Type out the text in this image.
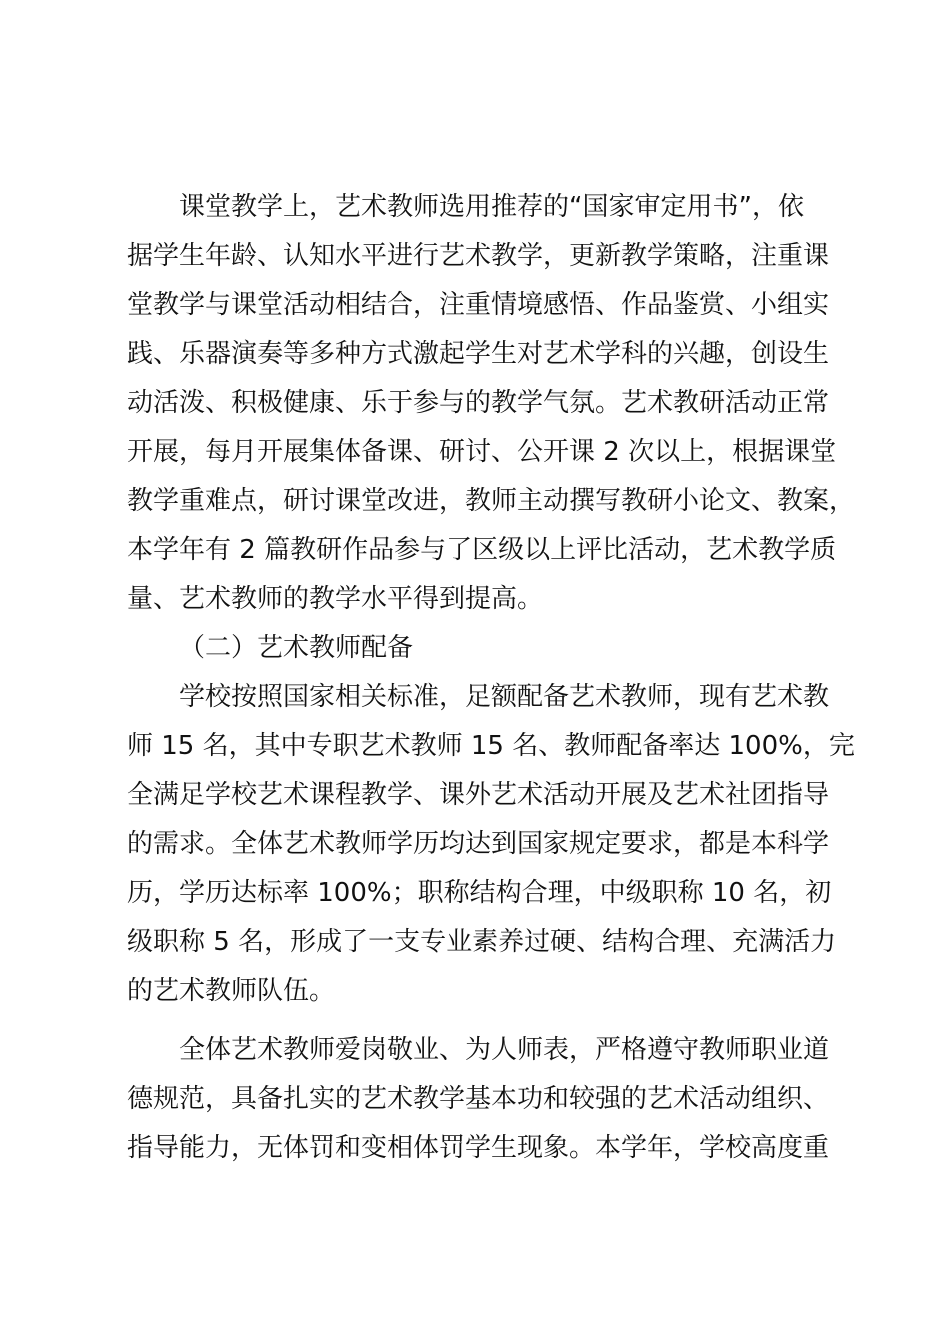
课堂教学上，艺术教师选用推荐的“国家审定用书”，依
据学生年龄、认知水平进行艺术教学，更新教学策略，注重课
堂教学与课堂活动相结合，注重情境感悟、作品鉴赏、小组实
践、乐器演奏等多种方式激起学生对艺术学科的兴趣，创设生
动活泼、积极健康、乐于参与的教学气氛。艺术教研活动正常
开展，每月开展集体备课、研讨、公开课 2 次以上，根据课堂
教学重难点，研讨课堂改进，教师主动撰写教研小论文、教案，
本学年有 2 篇教研作品参与了区级以上评比活动，艺术教学质
量、艺术教师的教学水平得到提高。
（二）艺术教师配备
学校按照国家相关标准，足额配备艺术教师，现有艺术教
师 15 名，其中专职艺术教师 15 名、教师配备率达 100%，完
全满足学校艺术课程教学、课外艺术活动开展及艺术社团指导
的需求。全体艺术教师学历均达到国家规定要求，都是本科学
历，学历达标率 100%；职称结构合理，中级职称 10 名，初
级职称 5 名，形成了一支专业素养过硬、结构合理、充满活力
的艺术教师队伍。
全体艺术教师爱岗敬业、为人师表，严格遵守教师职业道
德规范，具备扎实的艺术教学基本功和较强的艺术活动组织、
指导能力，无体罚和变相体罚学生现象。本学年，学校高度重
